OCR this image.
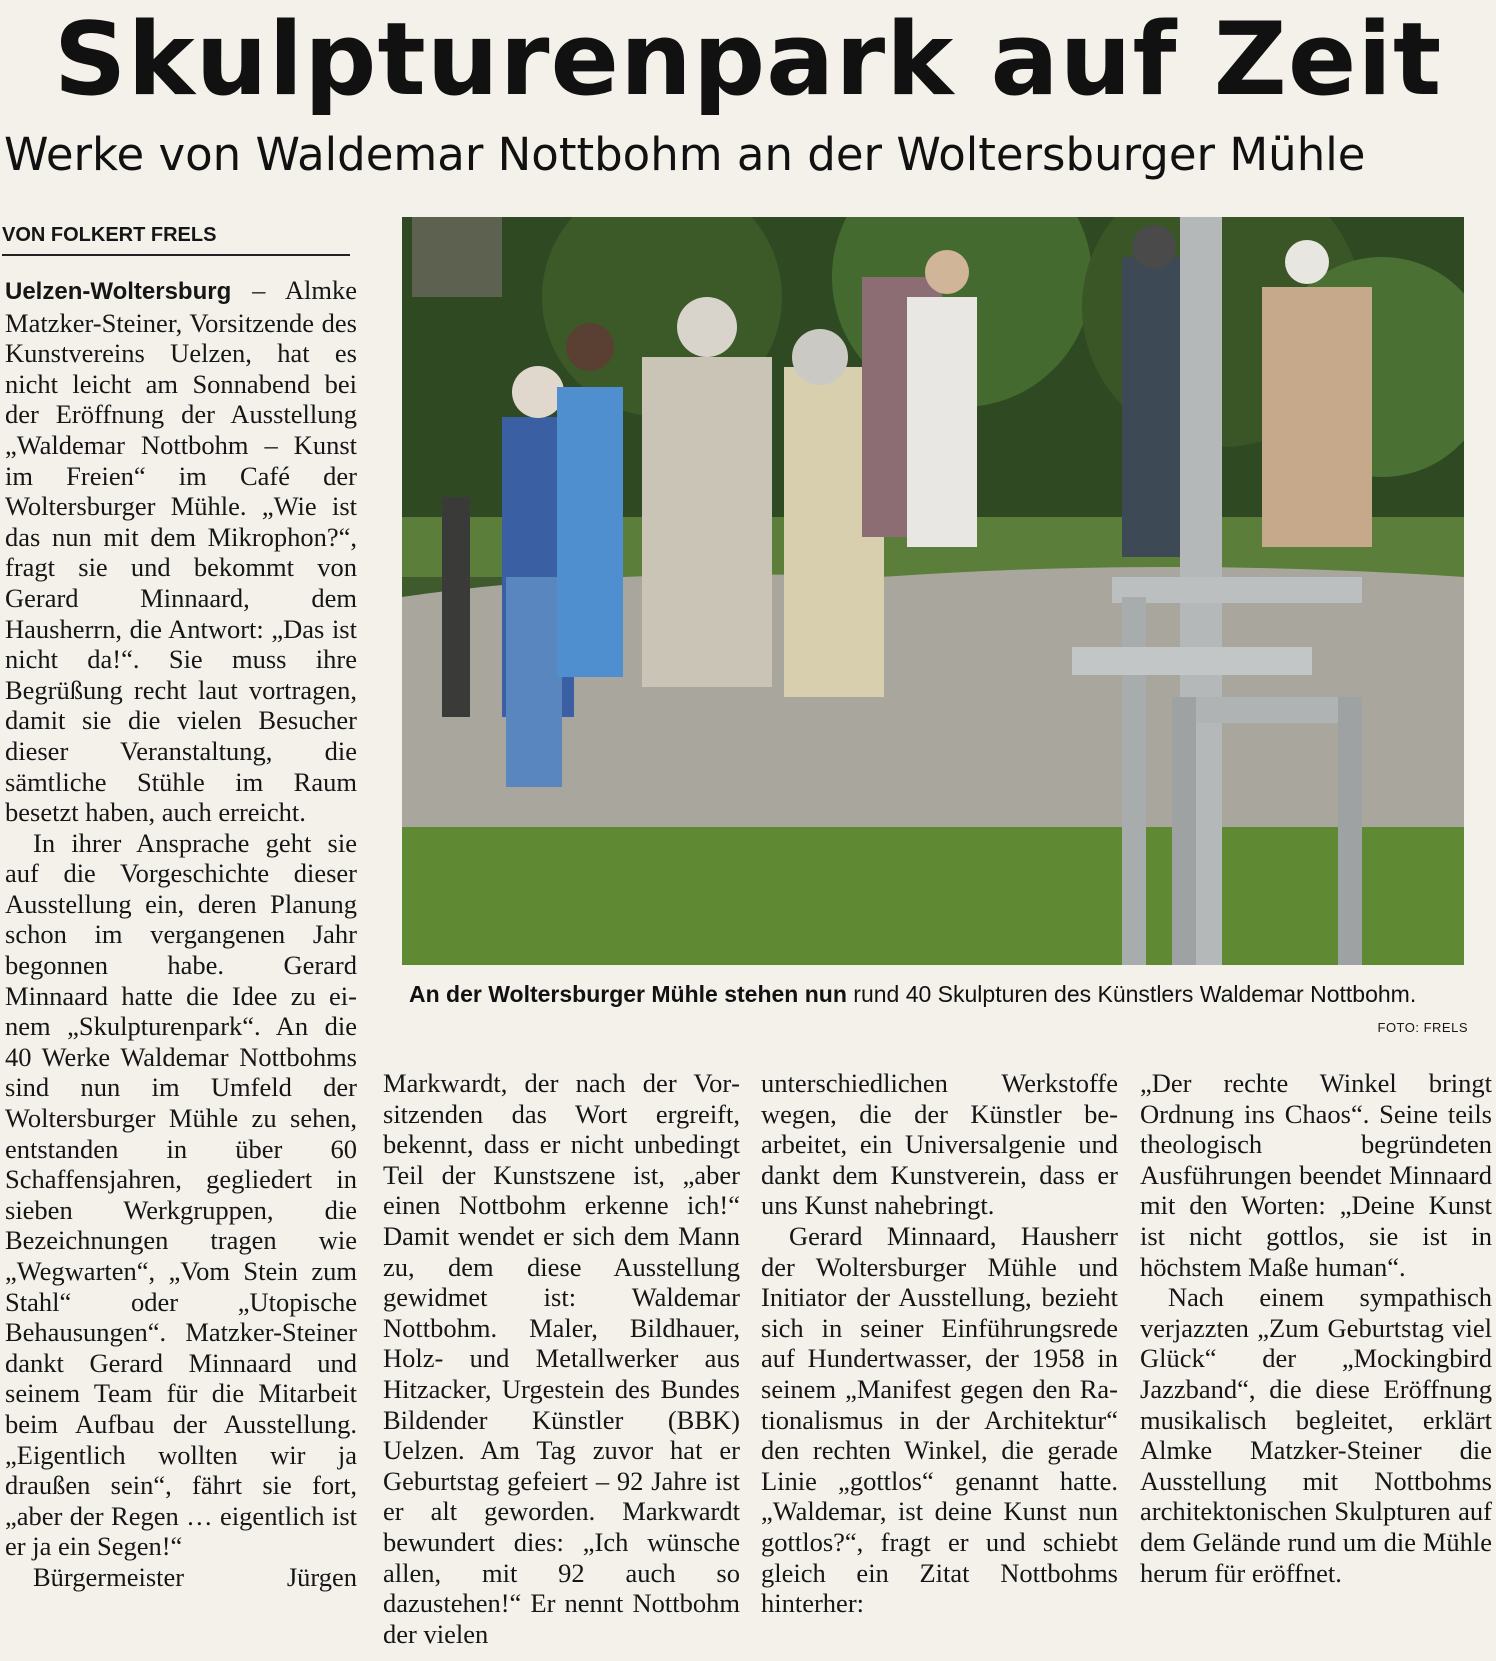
Skulpturenpark auf Zeit
Werke von Waldemar Nottbohm an der Woltersburger Mühle
VON FOLKERT FRELS

Uelzen-Woltersburg – Almke Matzker-Steiner, Vorsitzende des Kunstvereins Uelzen, hat es nicht leicht am Sonnabend bei der Eröffnung der Ausstellung „Waldemar Nottbohm – Kunst im Freien“ im Café der Woltersburger Mühle. „Wie ist das nun mit dem Mikrophon?“, fragt sie und bekommt von Gerard Minnaard, dem Hausherrn, die Antwort: „Das ist nicht da!“. Sie muss ihre Begrüßung recht laut vortragen, damit sie die vielen Besucher dieser Veranstaltung, die sämtliche Stühle im Raum besetzt haben, auch erreicht.

In ihrer Ansprache geht sie auf die Vorgeschichte dieser Ausstellung ein, deren Planung schon im vergangenen Jahr begonnen habe. Gerard Minnaard hatte die Idee zu einem „Skulpturenpark“. An die 40 Werke Waldemar Nottbohms sind nun im Umfeld der Woltersburger Mühle zu sehen, entstanden in über 60 Schaffensjahren, gegliedert in sieben Werkgruppen, die Bezeichnungen tragen wie „Wegwarten“, „Vom Stein zum Stahl“ oder „Utopische Behausungen“. Matzker-Steiner dankt Gerard Minnaard und seinem Team für die Mitarbeit beim Aufbau der Ausstellung. „Eigentlich wollten wir ja draußen sein“, fährt sie fort, „aber der Regen … eigentlich ist er ja ein Segen!“

Bürgermeister Jürgen

An der Woltersburger Mühle stehen nun rund 40 Skulpturen des Künstlers Waldemar Nottbohm.
FOTO: FRELS

Markwardt, der nach der Vorsitzenden das Wort ergreift, bekennt, dass er nicht unbedingt Teil der Kunstszene ist, „aber einen Nottbohm erkenne ich!“ Damit wendet er sich dem Mann zu, dem diese Ausstellung gewidmet ist: Waldemar Nottbohm. Maler, Bildhauer, Holz- und Metallwerker aus Hitzacker, Urgestein des Bundes Bildender Künstler (BBK) Uelzen. Am Tag zuvor hat er Geburtstag gefeiert – 92 Jahre ist er alt geworden. Markwardt bewundert dies: „Ich wünsche allen, mit 92 auch so dazustehen!“ Er nennt Nottbohm der vielen

unterschiedlichen Werkstoffe wegen, die der Künstler bearbeitet, ein Universalgenie und dankt dem Kunstverein, dass er uns Kunst nahebringt.

Gerard Minnaard, Hausherr der Woltersburger Mühle und Initiator der Ausstellung, bezieht sich in seiner Einführungsrede auf Hundertwasser, der 1958 in seinem „Manifest gegen den Rationalismus in der Architektur“ den rechten Winkel, die gerade Linie „gottlos“ genannt hatte. „Waldemar, ist deine Kunst nun gottlos?“, fragt er und schiebt gleich ein Zitat Nottbohms hinterher:

„Der rechte Winkel bringt Ordnung ins Chaos“. Seine teils theologisch begründeten Ausführungen beendet Minnaard mit den Worten: „Deine Kunst ist nicht gottlos, sie ist in höchstem Maße human“.

Nach einem sympathisch verjazzten „Zum Geburtstag viel Glück“ der „Mockingbird Jazzband“, die diese Eröffnung musikalisch begleitet, erklärt Almke Matzker-Steiner die Ausstellung mit Nottbohms architektonischen Skulpturen auf dem Gelände rund um die Mühle herum für eröffnet.
